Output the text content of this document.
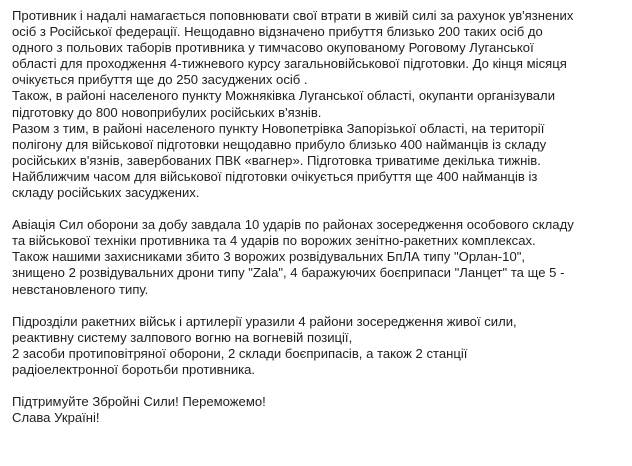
Противник і надалі намагається поповнювати свої втрати в живій силі за рахунок ув'язнених
осіб з Російської федерації. Нещодавно відзначено прибуття близько 200 таких осіб до
одного з польових таборів противника у тимчасово окупованому Роговому Луганської
області для проходження 4-тижневого курсу загальновійськової підготовки. До кінця місяця
очікується прибуття ще до 250 засуджених осіб .

Також, в районі населеного пункту Можняківка Луганської області, окупанти організували
підготовку до 800 новоприбулих російських в'язнів.
Разом з тим, в районі населеного пункту Новопетрівка Запорізької області, на території
полігону для військової підготовки нещодавно прибуло близько 400 найманців із складу
російських в'язнів, завербованих ПВК «вагнер». Підготовка триватиме декілька тижнів.
Найближчим часом для військової підготовки очікується прибуття ще 400 найманців із
складу російських засуджених.

Авіація Сил оборони за добу завдала 10 ударів по районах зосередження особового складу
та військової техніки противника та 4 ударів по ворожих зенітно-ракетних комплексах.
Також нашими захисниками збито 3 ворожих розвідувальних БпЛА типу "Орлан-10",
знищено 2 розвідувальних дрони типу "Zala", 4 баражуючих боєприпаси "Ланцет" та ще 5 -
невстановленого типу.

Підрозділи ракетних військ і артилерії уразили 4 райони зосередження живої сили,
реактивну систему залпового вогню на вогневій позиції,
2 засоби протиповітряної оборони, 2 склади боєприпасів, а також 2 станції
радіоелектронної боротьби противника.

Підтримуйте Збройні Сили! Переможемо!
Слава Україні!
